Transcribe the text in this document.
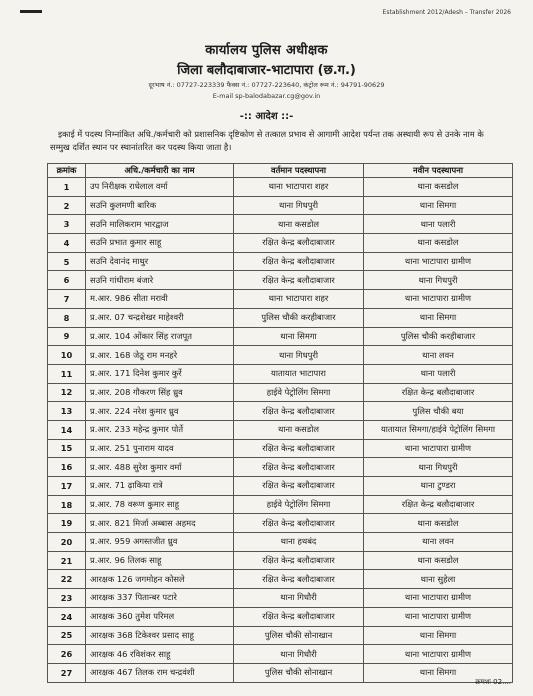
Establishment 2012/Adesh – Transfer 2026
कार्यालय पुलिस अधीक्षक
जिला बलौदाबाजार-भाटापारा (छ.ग.)
दूरभाष नं.: 07727-223339 फैक्स नं.: 07727-223640, कंट्रोल रूम नं.: 94791-90629
E-mail sp-balodabazar.cg@gov.in
-:: आदेश ::-
इकाई में पदस्थ निम्नांकित अधि./कर्मचारी को प्रशासनिक दृष्टिकोण से तत्काल प्रभाव से आगामी आदेश पर्यन्त तक अस्थायी रूप से उनके नाम के सम्मुख दर्शित स्थान पर स्थानांतरित कर पदस्थ किया जाता है।
क्रमांक	अधि./कर्मचारी का नाम	वर्तमान पदस्थापना	नवीन पदस्थापना
1	उप निरीक्षक राधेलाल वर्मा	थाना भाटापारा शहर	थाना कसडोल
2	सउनि कुलमणी बारिक	थाना गिधपुरी	थाना सिमगा
3	सउनि मालिकराम भारद्वाज	थाना कसडोल	थाना पलारी
4	सउनि प्रभात कुमार साहू	रक्षित केन्द्र बलौदाबाजार	थाना कसडोल
5	सउनि देवानंद माथुर	रक्षित केन्द्र बलौदाबाजार	थाना भाटापारा ग्रामीण
6	सउनि गांधीराम बंजारे	रक्षित केन्द्र बलौदाबाजार	थाना गिधपुरी
7	म.आर. 986 सीता मरावी	थाना भाटापारा शहर	थाना भाटापारा ग्रामीण
8	प्र.आर. 07 चन्द्रशेखर माहेश्वरी	पुलिस चौकी करहीबाजार	थाना सिमगा
9	प्र.आर. 104 ओंकार सिंह राजपूत	थाना सिमगा	पुलिस चौकी करहीबाजार
10	प्र.आर. 168 जेठू राम मनहरे	थाना गिधपुरी	थाना लवन
11	प्र.आर. 171 दिनेश कुमार कुर्रे	यातायात भाटापारा	थाना पलारी
12	प्र.आर. 208 गौकरण सिंह ध्रुव	हाईवे पेट्रोलिंग सिमगा	रक्षित केन्द्र बलौदाबाजार
13	प्र.आर. 224 नरेश कुमार ध्रुव	रक्षित केन्द्र बलौदाबाजार	पुलिस चौकी बया
14	प्र.आर. 233 महेन्द्र कुमार पोर्ते	थाना कसडोल	यातायात सिमगा/हाईवे पेट्रोलिंग सिमगा
15	प्र.आर. 251 पुनाराम यादव	रक्षित केन्द्र बलौदाबाजार	थाना भाटापारा ग्रामीण
16	प्र.आर. 488 सुरेश कुमार वर्मा	रक्षित केन्द्र बलौदाबाजार	थाना गिधपुरी
17	प्र.आर. 71 ढ़ाकिया रात्रे	रक्षित केन्द्र बलौदाबाजार	थाना टुण्डरा
18	प्र.आर. 78 वरूण कुमार साहू	हाईवे पेट्रोलिंग सिमगा	रक्षित केन्द्र बलौदाबाजार
19	प्र.आर. 821 मिर्जा अब्बास अहमद	रक्षित केन्द्र बलौदाबाजार	थाना कसडोल
20	प्र.आर. 959 अगस्तजीत ध्रुव	थाना हथबंद	थाना लवन
21	प्र.आर. 96 तिलक साहू	रक्षित केन्द्र बलौदाबाजार	थाना कसडोल
22	आरक्षक 126 जगमोहन कोसले	रक्षित केन्द्र बलौदाबाजार	थाना सुहेला
23	आरक्षक 337 पितान्बर पटारे	थाना गिधौरी	थाना भाटापारा ग्रामीण
24	आरक्षक 360 तुमेश परिमल	रक्षित केन्द्र बलौदाबाजार	थाना भाटापारा ग्रामीण
25	आरक्षक 368 टिकेश्वर प्रसाद साहू	पुलिस चौकी सोनाखान	थाना सिमगा
26	आरक्षक 46 रविशंकर साहू	थाना गिधौरी	थाना भाटापारा ग्रामीण
27	आरक्षक 467 तिलक राम चन्द्रवंशी	पुलिस चौकी सोनाखान	थाना सिमगा
क्रमशः 02....
